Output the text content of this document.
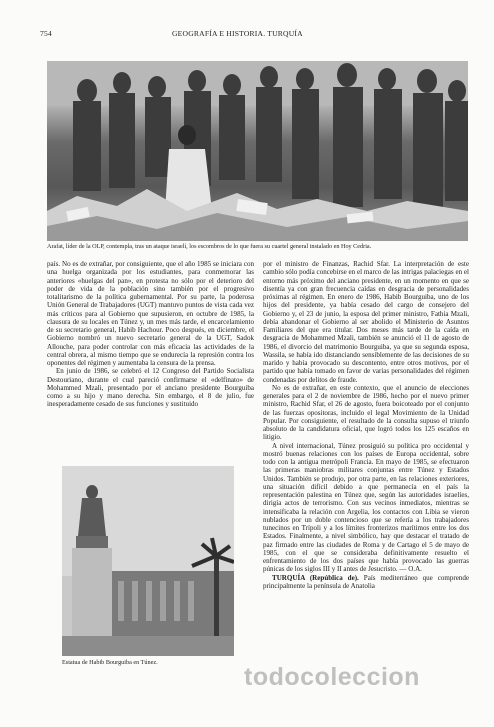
754	GEOGRAFÍA E HISTORIA. TURQUÍA
Arafat, líder de la OLP, contempla, tras un ataque israelí, los escombros de lo que fuera su cuartel general instalado en Hoy Cedria.

país. No es de extrañar, por consiguiente, que el año 1985 se iniciara con una huelga organizada por los estudiantes, para conmemorar las anteriores «huelgas del pan», en protesta no sólo por el deterioro del poder de vida de la población sino también por el progresivo totalitarismo de la política gubernamental. Por su parte, la poderosa Unión General de Trabajadores (UGT) mantuvo puntos de vista cada vez más críticos para al Gobierno que supusieron, en octubre de 1985, la clausura de su locales en Túnez y, un mes más tarde, el encarcelamiento de su secretario general, Habib Hachour. Poco después, en diciembre, el Gobierno nombró un nuevo secretario general de la UGT, Sadok Allouche, para poder controlar con más eficacia las actividades de la central obrera, al mismo tiempo que se endurecía la represión contra los oponentes del régimen y aumentaba la censura de la prensa.

En junio de 1986, se celebró el 12 Congreso del Partido Socialista Destouriano, durante el cual pareció confirmarse el «delfinato» de Mohammed Mzali, presentado por el anciano presidente Bourguiba como a su hijo y mano derecha. Sin embargo, el 8 de julio, fue inesperadamente cesado de sus funciones y sustituido

Estatua de Habib Bourguiba en Túnez.

por el ministro de Finanzas, Rachid Sfar. La interpretación de este cambio sólo podía concebirse en el marco de las intrigas palaciegas en el entorno más próximo del anciano presidente, en un momento en que se disentía ya con gran frecuencia caídas en desgracia de personalidades próximas al régimen. En enero de 1986, Habib Bourguiba, uno de los hijos del presidente, ya había cesado del cargo de consejero del Gobierno y, el 23 de junio, la esposa del primer ministro, Fathia Mzali, debía abandonar el Gobierno al ser abolido el Ministerio de Asuntos Familiares del que era titular. Dos meses más tarde de la caída en desgracia de Mohammed Mzali, también se anunció el 11 de agosto de 1986, el divorcio del matrimonio Bourguiba, ya que su segunda esposa, Wassila, se había ido distanciando sensiblemente de las decisiones de su marido y había provocado su descontento, entre otros motivos, por el partido que había tomado en favor de varias personalidades del régimen condenadas por delitos de fraude.

No es de extrañar, en este contexto, que el anuncio de elecciones generales para el 2 de noviembre de 1986, hecho por el nuevo primer ministro, Rachid Sfar, el 26 de agosto, fuera boicoteado por el conjunto de las fuerzas opositoras, incluido el legal Movimiento de la Unidad Popular. Por consiguiente, el resultado de la consulta supuso el triunfo absoluto de la candidatura oficial, que logró todos los 125 escaños en litigio.

A nivel internacional, Túnez prosiguió su política pro occidental y mostró buenas relaciones con los países de Europa occidental, sobre todo con la antigua metrópoli Francia. En mayo de 1985, se efectuaron las primeras maniobras militares conjuntas entre Túnez y Estados Unidos. También se produjo, por otra parte, en las relaciones exteriores, una situación difícil debido a que permanecía en el país la representación palestina en Túnez que, según las autoridades israelíes, dirigía actos de terrorismo. Con sus vecinos inmediatos, mientras se intensificaba la relación con Argelia, los contactos con Libia se vieron nublados por un doble contencioso que se refería a los trabajadores tunecinos en Trípoli y a los límites fronterizos marítimos entre los dos Estados. Finalmente, a nivel simbólico, hay que destacar el tratado de paz firmado entre las ciudades de Roma y de Cartago el 5 de mayo de 1985, con el que se consideraba definitivamente resuelto el enfrentamiento de los dos países que había provocado las guerras púnicas de los siglos III y II antes de Jesucristo. — O.A.

TURQUÍA (República de). País mediterráneo que comprende principalmente la península de Anatolia

todocoleccion
